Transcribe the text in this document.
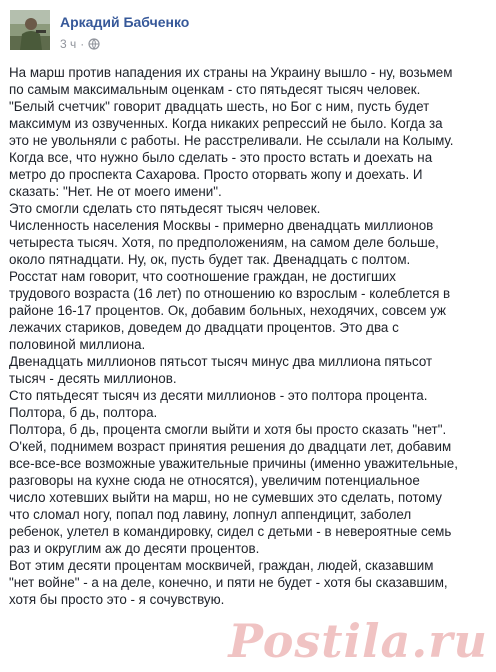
Аркадий Бабченко
3 ч ·

На марш против нападения их страны на Украину вышло - ну, возьмем

по самым максимальным оценкам - сто пятьдесят тысяч человек.

"Белый счетчик" говорит двадцать шесть, но Бог с ним, пусть будет

максимум из озвученных. Когда никаких репрессий не было. Когда за

это не увольняли с работы. Не расстреливали. Не ссылали на Колыму.

Когда все, что нужно было сделать - это просто встать и доехать на

метро до проспекта Сахарова. Просто оторвать жопу и доехать. И

сказать: "Нет. Не от моего имени".

Это смогли сделать сто пятьдесят тысяч человек.

Численность населения Москвы - примерно двенадцать миллионов

четыреста тысяч. Хотя, по предположениям, на самом деле больше,

около пятнадцати. Ну, ок, пусть будет так. Двенадцать с полтом.

Росстат нам говорит, что соотношение граждан, не достигших

трудового возраста (16 лет) по отношению ко взрослым - колеблется в

районе 16-17 процентов. Ок, добавим больных, неходячих, совсем уж

лежачих стариков, доведем до двадцати процентов. Это два с

половиной миллиона.

Двенадцать миллионов пятьсот тысяч минус два миллиона пятьсот

тысяч - десять миллионов.

Сто пятьдесят тысяч из десяти миллионов - это полтора процента.

Полтора, б дь, полтора.

Полтора, б дь, процента смогли выйти и хотя бы просто сказать "нет".

О'кей, поднимем возраст принятия решения до двадцати лет, добавим

все-все-все возможные уважительные причины (именно уважительные,

разговоры на кухне сюда не относятся), увеличим потенциальное

число хотевших выйти на марш, но не сумевших это сделать, потому

что сломал ногу, попал под лавину, лопнул аппендицит, заболел

ребенок, улетел в командировку, сидел с детьми - в невероятные семь

раз и округлим аж до десяти процентов.

Вот этим десяти процентам москвичей, граждан, людей, сказавшим

"нет войне" - а на деле, конечно, и пяти не будет - хотя бы сказавшим,

хотя бы просто это - я сочувствую.

Postila.ru
